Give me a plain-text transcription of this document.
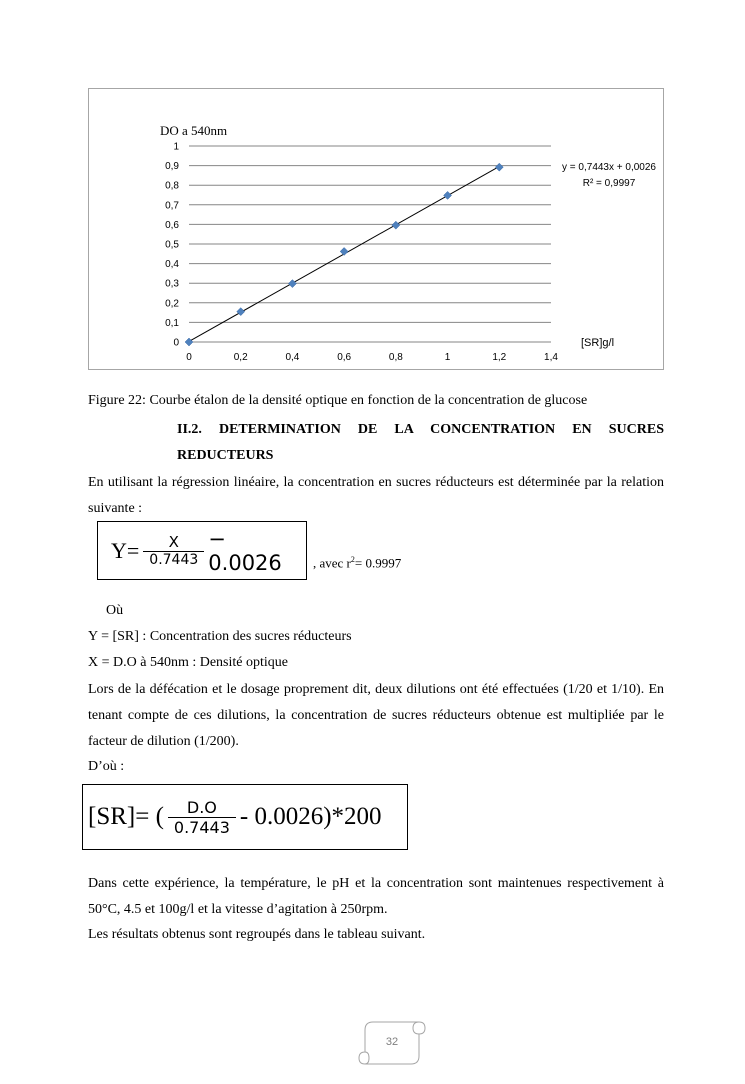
0
0,1
0,2
0,3
0,4
0,5
0,6
0,7
0,8
0,9
1
0	0,2	0,4	0,6	0,8	1	1,2	1,4
DO a 540nm
[SR]g/l
y = 0,7443x + 0,0026
R² = 0,9997
Figure 22: Courbe étalon de la densité optique en fonction de la concentration de glucose
II.2. DETERMINATION DE LA CONCENTRATION EN SUCRES
REDUCTEURS
En utilisant la régression linéaire, la concentration en sucres réducteurs est déterminée par la relation suivante :
$Y= \frac{X}{0.7443} - 0.0026$	, avec $r^2= 0.9997$
Où
Y = [SR] : Concentration des sucres réducteurs
X = D.O à 540nm : Densité optique
Lors de la défécation et le dosage proprement dit, deux dilutions ont été effectuées (1/20 et 1/10). En tenant compte de ces dilutions, la concentration de sucres réducteurs obtenue est multipliée par le facteur de dilution (1/200).
D’où :
[SR]= ( $\frac{D.O}{0.7443} - 0.0026)*200$
Dans cette expérience, la température, le pH et la concentration sont maintenues respectivement à 50°C, 4.5 et 100g/l et la vitesse d’agitation à 250rpm.
Les résultats obtenus sont regroupés dans le tableau suivant.
32
